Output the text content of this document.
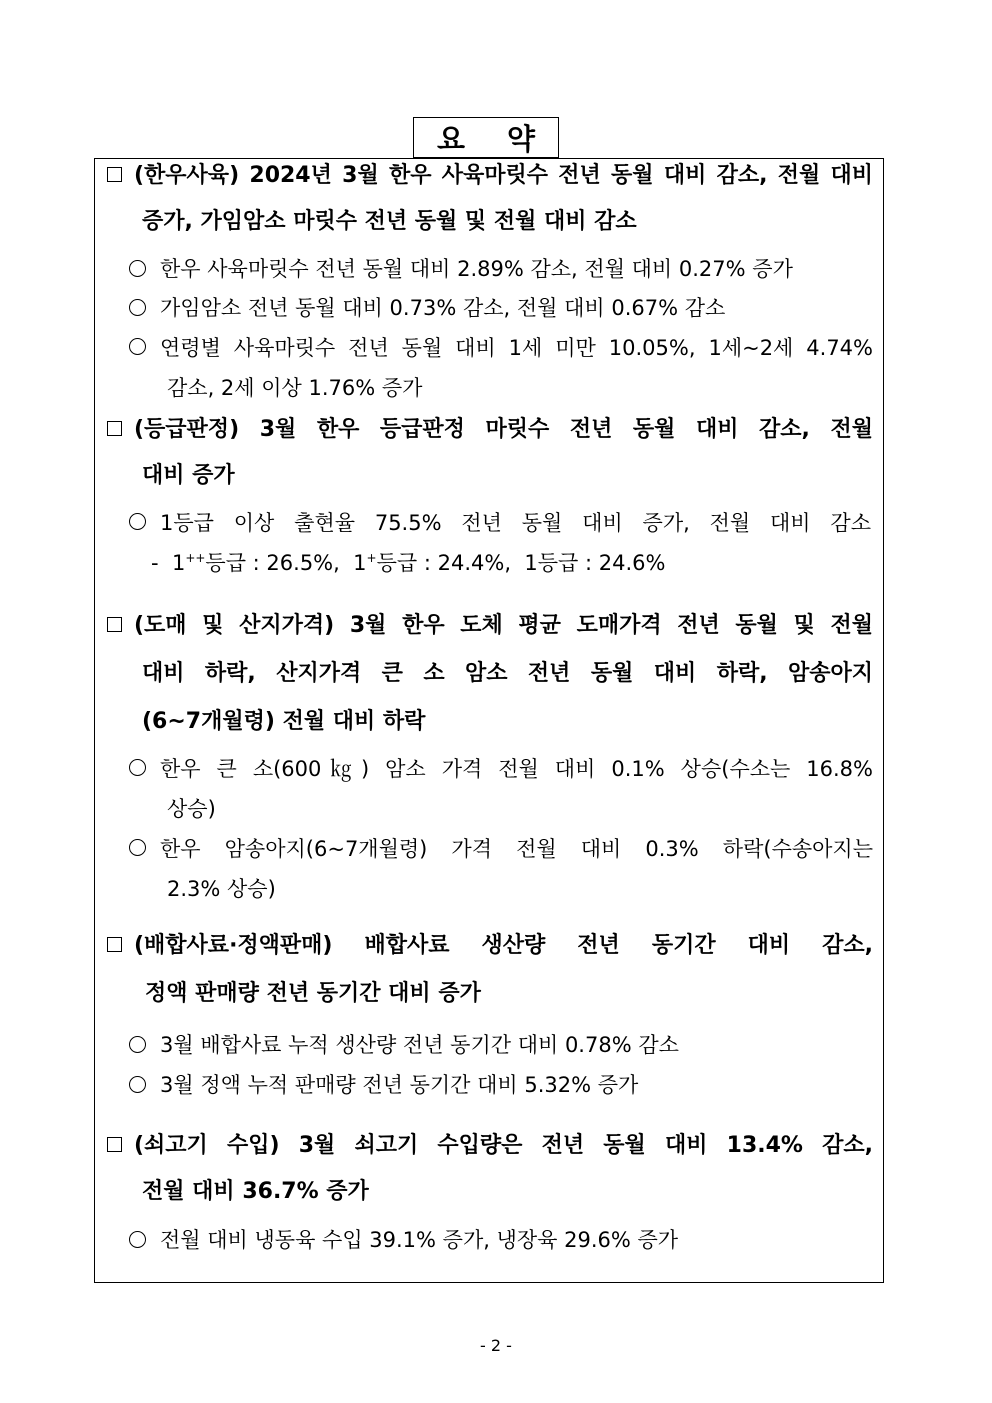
요 약
(한우사육) 2024년 3월 한우 사육마릿수 전년 동월 대비 감소, 전월 대비
증가, 가임암소 마릿수 전년 동월 및 전월 대비 감소
한우 사육마릿수 전년 동월 대비 2.89% 감소, 전월 대비 0.27% 증가
가임암소 전년 동월 대비 0.73% 감소, 전월 대비 0.67% 감소
연령별 사육마릿수 전년 동월 대비 1세 미만 10.05%, 1세~2세 4.74%
감소, 2세 이상 1.76% 증가
(등급판정) 3월 한우 등급판정 마릿수 전년 동월 대비 감소, 전월
대비 증가
1등급 이상 출현율 75.5% 전년 동월 대비 증가, 전월 대비 감소
- 1++등급 : 26.5%, 1+등급 : 24.4%, 1등급 : 24.6%
(도매 및 산지가격) 3월 한우 도체 평균 도매가격 전년 동월 및 전월
대비 하락, 산지가격 큰 소 암소 전년 동월 대비 하락, 암송아지
(6~7개월령) 전월 대비 하락
한우 큰 소(600㎏) 암소 가격 전월 대비 0.1% 상승(수소는 16.8%
상승)
한우 암송아지(6~7개월령) 가격 전월 대비 0.3% 하락(수송아지는
2.3% 상승)
(배합사료·정액판매) 배합사료 생산량 전년 동기간 대비 감소,
정액 판매량 전년 동기간 대비 증가
3월 배합사료 누적 생산량 전년 동기간 대비 0.78% 감소
3월 정액 누적 판매량 전년 동기간 대비 5.32% 증가
(쇠고기 수입) 3월 쇠고기 수입량은 전년 동월 대비 13.4% 감소,
전월 대비 36.7% 증가
전월 대비 냉동육 수입 39.1% 증가, 냉장육 29.6% 증가
- 2 -
